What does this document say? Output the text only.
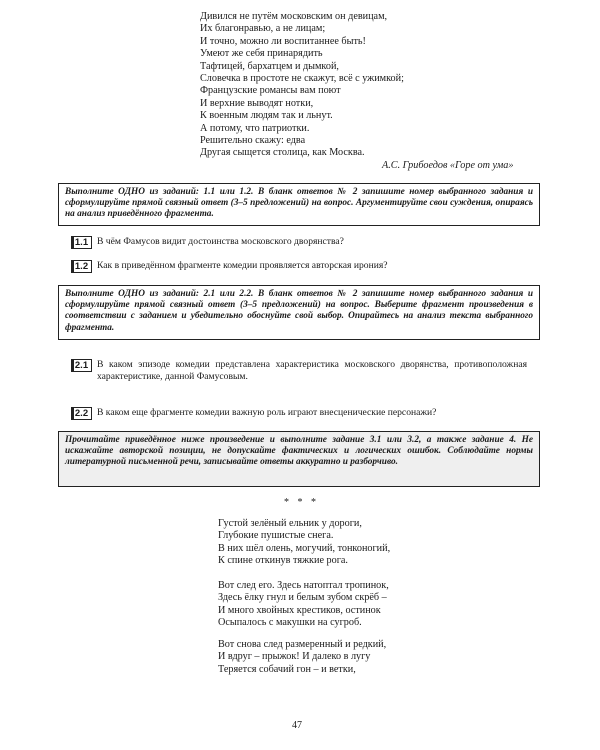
Дивился не путём московским он девицам,
Их благонравью, а не лицам;
И точно, можно ли воспитаннее быть!
Умеют же себя принарядить
Тафтицей, бархатцем и дымкой,
Словечка в простоте не скажут, всё с ужимкой;
Французские романсы вам поют
И верхние выводят нотки,
К военным людям так и льнут.
А потому, что патриотки.
Решительно скажу: едва
Другая сыщется столица, как Москва.
А.С. Грибоедов «Горе от ума»
Выполните ОДНО из заданий: 1.1 или 1.2. В бланк ответов № 2 запишите номер выбранного задания и сформулируйте прямой связный ответ (3–5 предложений) на вопрос. Аргументируйте свои суждения, опираясь на анализ приведённого фрагмента.
1.1 В чём Фамусов видит достоинства московского дворянства?
1.2 Как в приведённом фрагменте комедии проявляется авторская ирония?
Выполните ОДНО из заданий: 2.1 или 2.2. В бланк ответов № 2 запишите номер выбранного задания и сформулируйте прямой связный ответ (3–5 предложений) на вопрос. Выберите фрагмент произведения в соответствии с заданием и убедительно обоснуйте свой выбор. Опирайтесь на анализ текста выбранного фрагмента.
2.1 В каком эпизоде комедии представлена характеристика московского дворянства, противоположная характеристике, данной Фамусовым.
2.2 В каком еще фрагменте комедии важную роль играют внесценические персонажи?
Прочитайте приведённое ниже произведение и выполните задание 3.1 или 3.2, а также задание 4. Не искажайте авторской позиции, не допускайте фактических и логических ошибок. Соблюдайте нормы литературной письменной речи, записывайте ответы аккуратно и разборчиво.
* * *
Густой зелёный ельник у дороги,
Глубокие пушистые снега.
В них шёл олень, могучий, тонконогий,
К спине откинув тяжкие рога.
Вот след его. Здесь натоптал тропинок,
Здесь ёлку гнул и белым зубом скрёб –
И много хвойных крестиков, остинок
Осыпалось с макушки на сугроб.
Вот снова след размеренный и редкий,
И вдруг – прыжок! И далеко в лугу
Теряется собачий гон – и ветки,
47
